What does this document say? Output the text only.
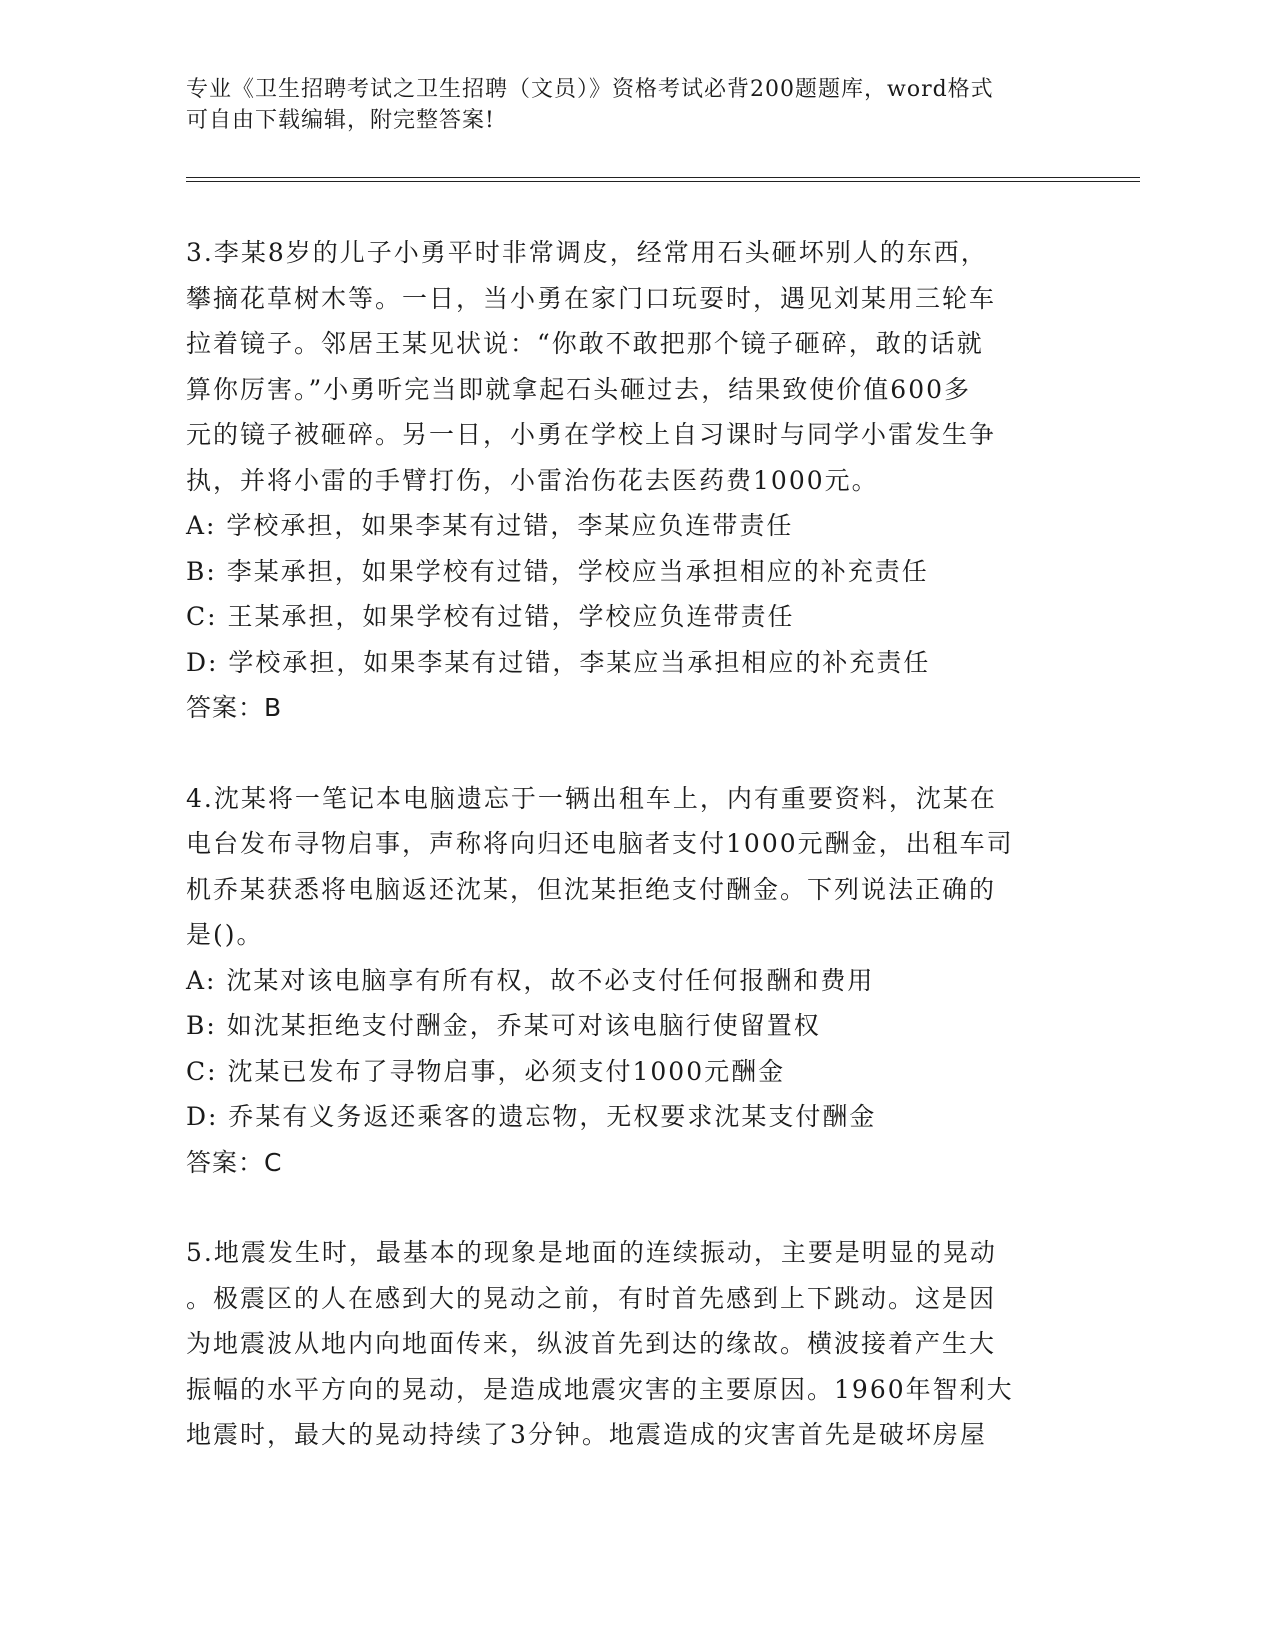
专业《卫生招聘考试之卫生招聘（文员）》资格考试必背200题题库，word格式
可自由下载编辑，附完整答案!

3.李某8岁的儿子小勇平时非常调皮，经常用石头砸坏别人的东西，

攀摘花草树木等。一日，当小勇在家门口玩耍时，遇见刘某用三轮车

拉着镜子。邻居王某见状说：“你敢不敢把那个镜子砸碎，敢的话就

算你厉害。”小勇听完当即就拿起石头砸过去，结果致使价值600多

元的镜子被砸碎。另一日，小勇在学校上自习课时与同学小雷发生争

执，并将小雷的手臂打伤，小雷治伤花去医药费1000元。

A: 学校承担，如果李某有过错，李某应负连带责任

B: 李某承担，如果学校有过错，学校应当承担相应的补充责任

C: 王某承担，如果学校有过错，学校应负连带责任

D: 学校承担，如果李某有过错，李某应当承担相应的补充责任

答案：B

4.沈某将一笔记本电脑遗忘于一辆出租车上，内有重要资料，沈某在

电台发布寻物启事，声称将向归还电脑者支付1000元酬金，出租车司

机乔某获悉将电脑返还沈某，但沈某拒绝支付酬金。下列说法正确的

是()。

A: 沈某对该电脑享有所有权，故不必支付任何报酬和费用

B: 如沈某拒绝支付酬金，乔某可对该电脑行使留置权

C: 沈某已发布了寻物启事，必须支付1000元酬金

D: 乔某有义务返还乘客的遗忘物，无权要求沈某支付酬金

答案：C

5.地震发生时，最基本的现象是地面的连续振动，主要是明显的晃动

。极震区的人在感到大的晃动之前，有时首先感到上下跳动。这是因

为地震波从地内向地面传来，纵波首先到达的缘故。横波接着产生大

振幅的水平方向的晃动，是造成地震灾害的主要原因。1960年智利大

地震时，最大的晃动持续了3分钟。地震造成的灾害首先是破坏房屋
